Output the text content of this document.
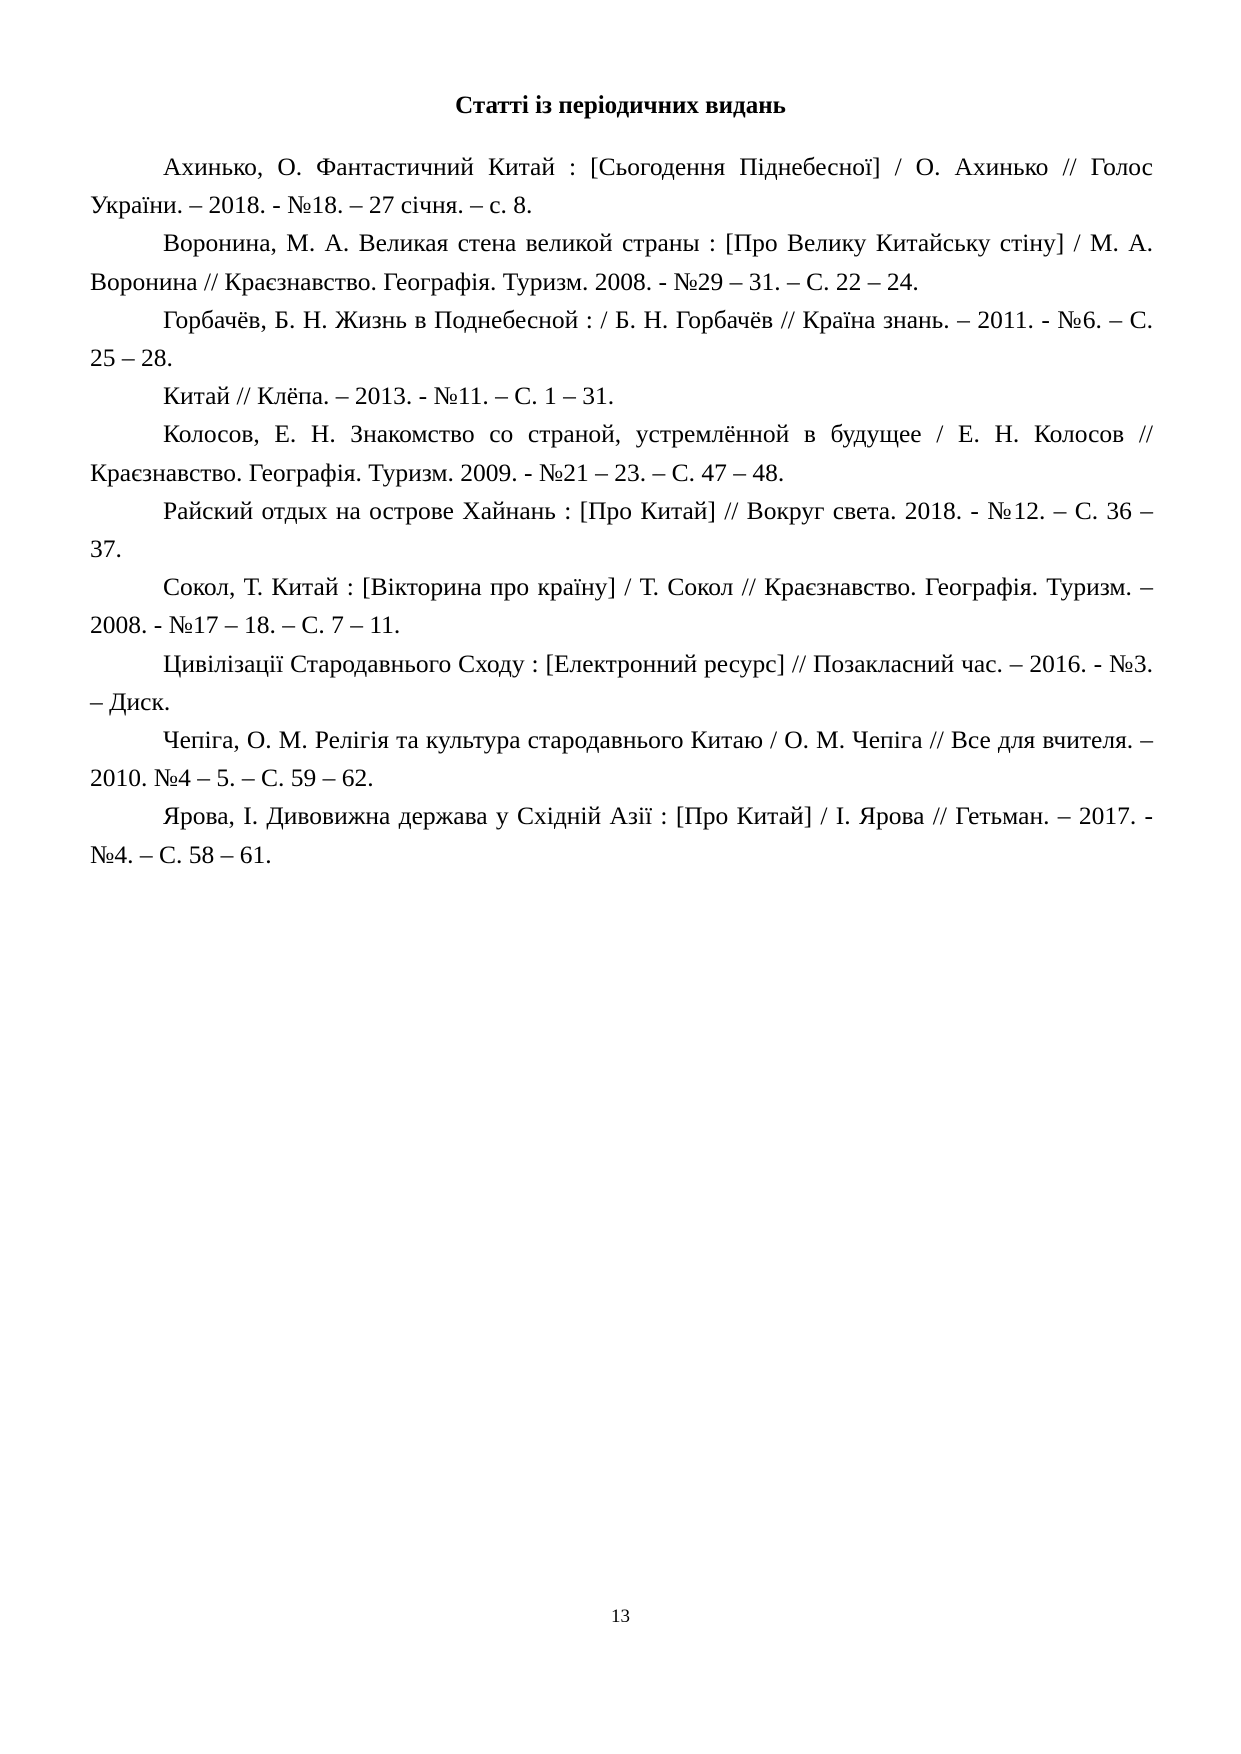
Статті із періодичних видань

Ахинько, О. Фантастичний Китай : [Сьогодення Піднебесної] / О. Ахинько // Голос України. – 2018. - №18. – 27 січня. – с. 8.

Воронина, М. А. Великая стена великой страны : [Про Велику Китайську стіну] / М. А. Воронина // Краєзнавство. Географія. Туризм. 2008. - №29 – 31. – С. 22 – 24.

Горбачёв, Б. Н. Жизнь в Поднебесной : / Б. Н. Горбачёв // Країна знань. – 2011. - №6. – С. 25 – 28.

Китай // Клёпа. – 2013. - №11. – С. 1 – 31.

Колосов, Е. Н. Знакомство со страной, устремлённой в будущее / Е. Н. Колосов // Краєзнавство. Географія. Туризм. 2009. - №21 – 23. – С. 47 – 48.

Райский отдых на острове Хайнань : [Про Китай] // Вокруг света. 2018. - №12. – С. 36 – 37.

Сокол, Т. Китай : [Вікторина про країну] / Т. Сокол // Краєзнавство. Географія. Туризм. – 2008. - №17 – 18. – С. 7 – 11.

Цивілізації Стародавнього Сходу : [Електронний ресурс] // Позакласний час. – 2016. - №3. – Диск.

Чепіга, О. М. Релігія та культура стародавнього Китаю / О. М. Чепіга // Все для вчителя. – 2010. №4 – 5. – С. 59 – 62.

Ярова, І. Дивовижна держава у Східній Азії : [Про Китай] / І. Ярова // Гетьман. – 2017. - №4. – С. 58 – 61.

13
